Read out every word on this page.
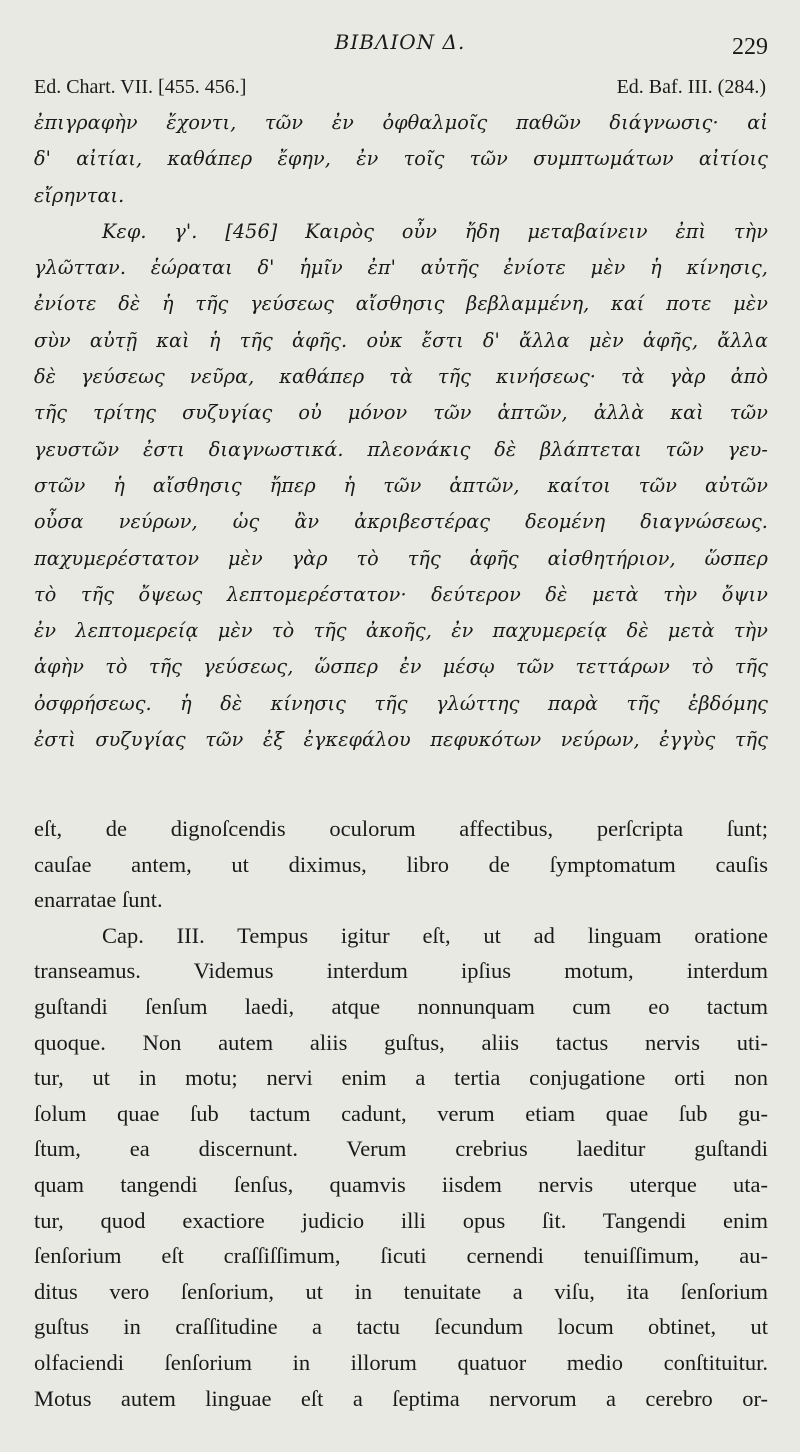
BIBΛION Δ.	229
Ed. Chart. VII. [455. 456.]	Ed. Baf. III. (284.)
ἐπιγραφὴν ἔχοντι, τῶν ἐν ὀφθαλμοῖς παθῶν διάγνωσις· αἱ
δ' αἰτίαι, καθάπερ ἔφην, ἐν τοῖς τῶν συμπτωμάτων αἰτίοις
εἴρηνται.
Κεφ. γ'. [456] Καιρὸς οὖν ἤδη μεταβαίνειν ἐπὶ τὴν
γλῶτταν. ἑώραται δ' ἡμῖν ἐπ' αὐτῆς ἐνίοτε μὲν ἡ κίνησις,
ἐνίοτε δὲ ἡ τῆς γεύσεως αἴσθησις βεβλαμμένη, καί ποτε μὲν
σὺν αὐτῇ καὶ ἡ τῆς ἁφῆς. οὐκ ἔστι δ' ἄλλα μὲν ἁφῆς, ἄλλα
δὲ γεύσεως νεῦρα, καθάπερ τὰ τῆς κινήσεως· τὰ γὰρ ἀπὸ
τῆς τρίτης συζυγίας οὐ μόνον τῶν ἁπτῶν, ἀλλὰ καὶ τῶν
γευστῶν ἐστι διαγνωστικά. πλεονάκις δὲ βλάπτεται τῶν γευ-
στῶν ἡ αἴσθησις ἤπερ ἡ τῶν ἁπτῶν, καίτοι τῶν αὐτῶν
οὖσα νεύρων, ὡς ἂν ἀκριβεστέρας δεομένη διαγνώσεως.
παχυμερέστατον μὲν γὰρ τὸ τῆς ἁφῆς αἰσθητήριον, ὥσπερ
τὸ τῆς ὄψεως λεπτομερέστατον· δεύτερον δὲ μετὰ τὴν ὄψιν
ἐν λεπτομερείᾳ μὲν τὸ τῆς ἀκοῆς, ἐν παχυμερείᾳ δὲ μετὰ τὴν
ἁφὴν τὸ τῆς γεύσεως, ὥσπερ ἐν μέσῳ τῶν τεττάρων τὸ τῆς
ὀσφρήσεως. ἡ δὲ κίνησις τῆς γλώττης παρὰ τῆς ἑβδόμης
ἐστὶ συζυγίας τῶν ἐξ ἐγκεφάλου πεφυκότων νεύρων, ἐγγὺς τῆς
eſt, de dignoſcendis oculorum affectibus, perſcripta ſunt;
cauſae antem, ut diximus, libro de ſymptomatum cauſis
enarratae ſunt.
Cap. III. Tempus igitur eſt, ut ad linguam oratione
transeamus. Videmus interdum ipſius motum, interdum
guſtandi ſenſum laedi, atque nonnunquam cum eo tactum
quoque. Non autem aliis guſtus, aliis tactus nervis uti-
tur, ut in motu; nervi enim a tertia conjugatione orti non
ſolum quae ſub tactum cadunt, verum etiam quae ſub gu-
ſtum, ea discernunt. Verum crebrius laeditur guſtandi
quam tangendi ſenſus, quamvis iisdem nervis uterque uta-
tur, quod exactiore judicio illi opus ſit. Tangendi enim
ſenſorium eſt craſſiſſimum, ſicuti cernendi tenuiſſimum, au-
ditus vero ſenſorium, ut in tenuitate a viſu, ita ſenſorium
guſtus in craſſitudine a tactu ſecundum locum obtinet, ut
olfaciendi ſenſorium in illorum quatuor medio conſtituitur.
Motus autem linguae eſt a ſeptima nervorum a cerebro or-
